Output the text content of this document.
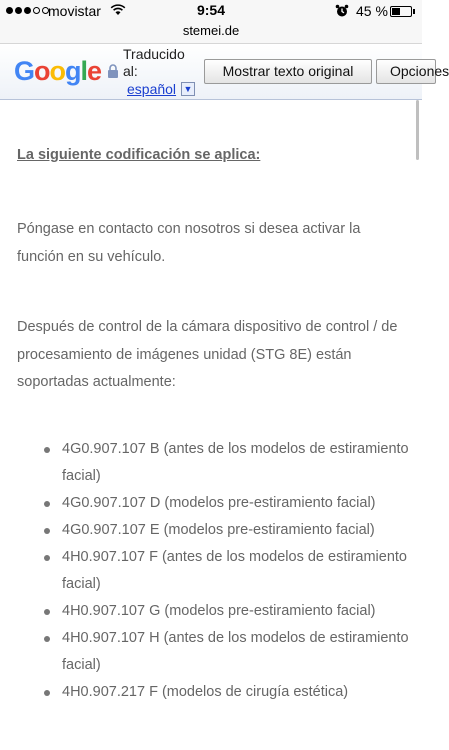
movistar	9:54	45 %
stemei.de
Google
Traducido al:
español ▼
Mostrar texto original	Opciones
La siguiente codificación se aplica:

Póngase en contacto con nosotros si desea activar la función en su vehículo.

Después de control de la cámara dispositivo de control / de procesamiento de imágenes unidad (STG 8E) están soportadas actualmente:

4G0.907.107 B (antes de los modelos de estiramiento facial)
4G0.907.107 D (modelos pre-estiramiento facial)
4G0.907.107 E (modelos pre-estiramiento facial)
4H0.907.107 F (antes de los modelos de estiramiento facial)
4H0.907.107 G (modelos pre-estiramiento facial)
4H0.907.107 H (antes de los modelos de estiramiento facial)
4H0.907.217 F (modelos de cirugía estética)
